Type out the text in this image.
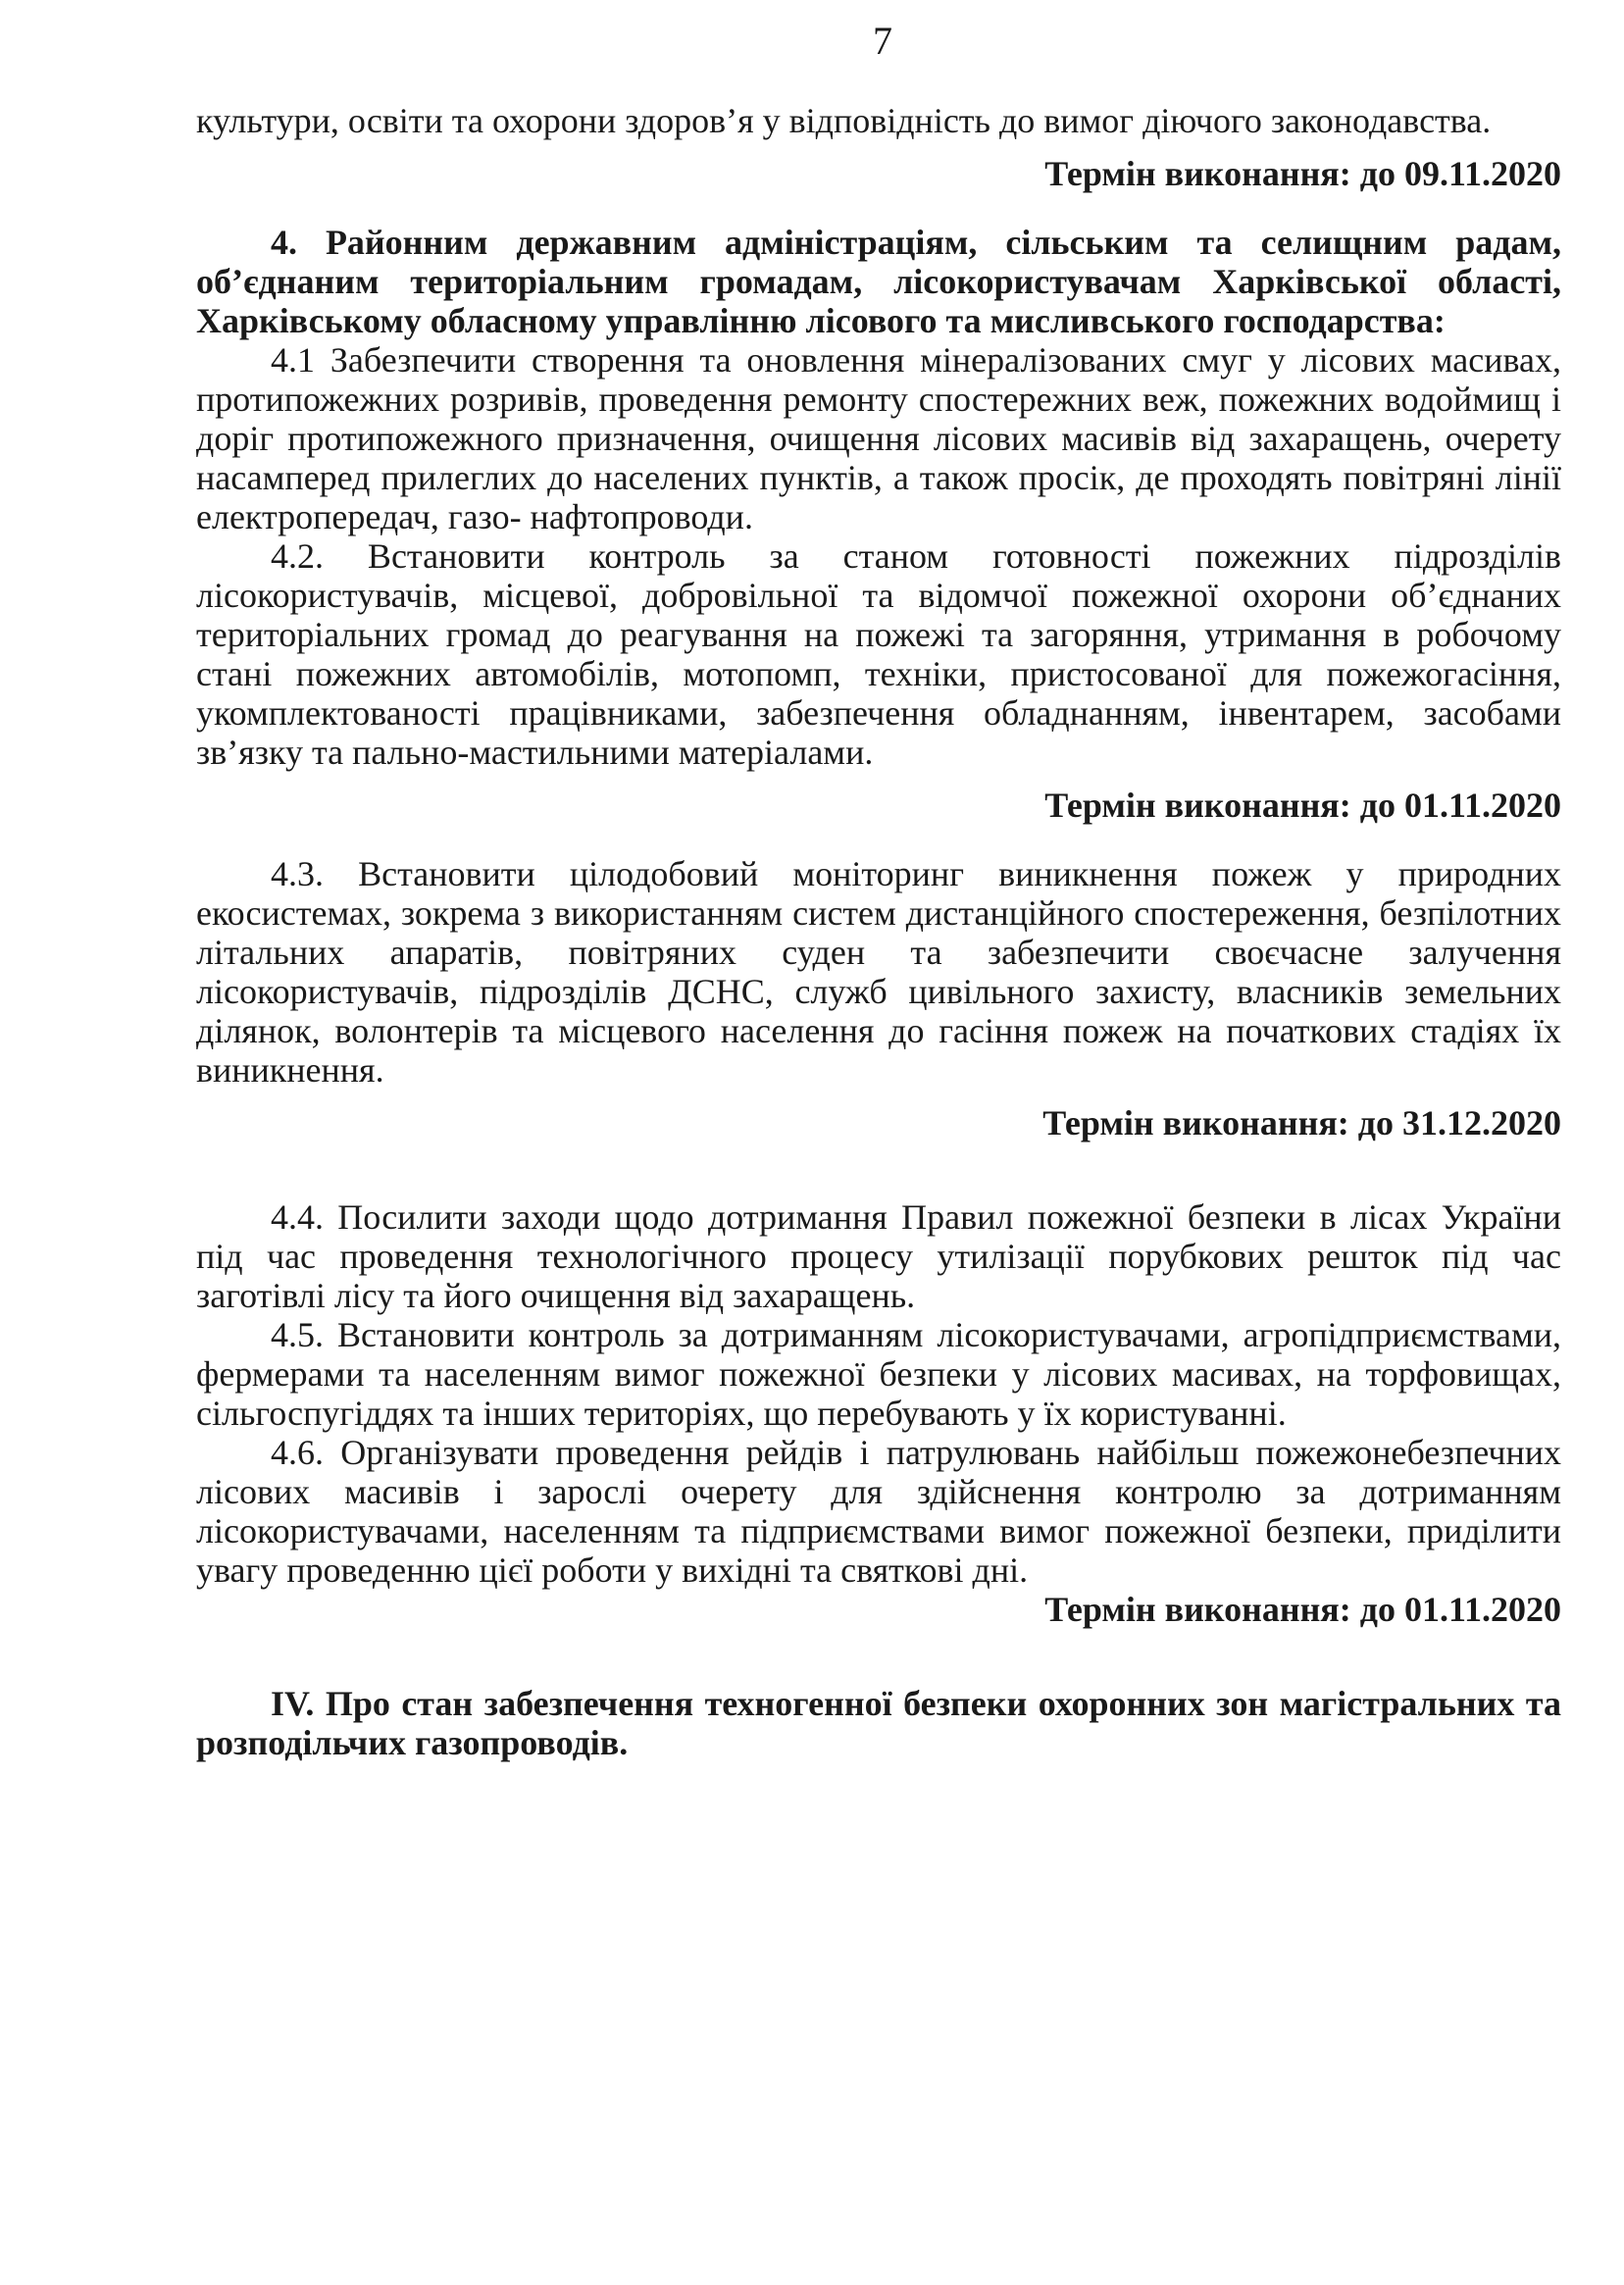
7

культури, освіти та охорони здоров’я у відповідність до вимог діючого законодавства.

Термін виконання: до 09.11.2020

4. Районним державним адміністраціям, сільським та селищним радам, об’єднаним територіальним громадам, лісокористувачам Харківської області, Харківському обласному управлінню лісового та мисливського господарства:

4.1 Забезпечити створення та оновлення мінералізованих смуг у лісових масивах, протипожежних розривів, проведення ремонту спостережних веж, пожежних водоймищ і доріг протипожежного призначення, очищення лісових масивів від захаращень, очерету насамперед прилеглих до населених пунктів, а також просік, де проходять повітряні лінії електропередач, газо- нафтопроводи.

4.2. Встановити контроль за станом готовності пожежних підрозділів лісокористувачів, місцевої, добровільної та відомчої пожежної охорони об’єднаних територіальних громад до реагування на пожежі та загоряння, утримання в робочому стані пожежних автомобілів, мотопомп, техніки, пристосованої для пожежогасіння, укомплектованості працівниками, забезпечення обладнанням, інвентарем, засобами зв’язку та пально-мастильними матеріалами.

Термін виконання: до 01.11.2020

4.3. Встановити цілодобовий моніторинг виникнення пожеж у природних екосистемах, зокрема з використанням систем дистанційного спостереження, безпілотних літальних апаратів, повітряних суден та забезпечити своєчасне залучення лісокористувачів, підрозділів ДСНС, служб цивільного захисту, власників земельних ділянок, волонтерів та місцевого населення до гасіння пожеж на початкових стадіях їх виникнення.

Термін виконання: до 31.12.2020

4.4. Посилити заходи щодо дотримання Правил пожежної безпеки в лісах України під час проведення технологічного процесу утилізації порубкових решток під час заготівлі лісу та його очищення від захаращень.

4.5. Встановити контроль за дотриманням лісокористувачами, агропідприємствами, фермерами та населенням вимог пожежної безпеки у лісових масивах, на торфовищах, сільгоспугіддях та інших територіях, що перебувають у їх користуванні.

4.6. Організувати проведення рейдів і патрулювань найбільш пожежонебезпечних лісових масивів і зарослі очерету для здійснення контролю за дотриманням лісокористувачами, населенням та підприємствами вимог пожежної безпеки, приділити увагу проведенню цієї роботи у вихідні та святкові дні.

Термін виконання: до 01.11.2020

IV. Про стан забезпечення техногенної безпеки охоронних зон магістральних та розподільчих газопроводів.
